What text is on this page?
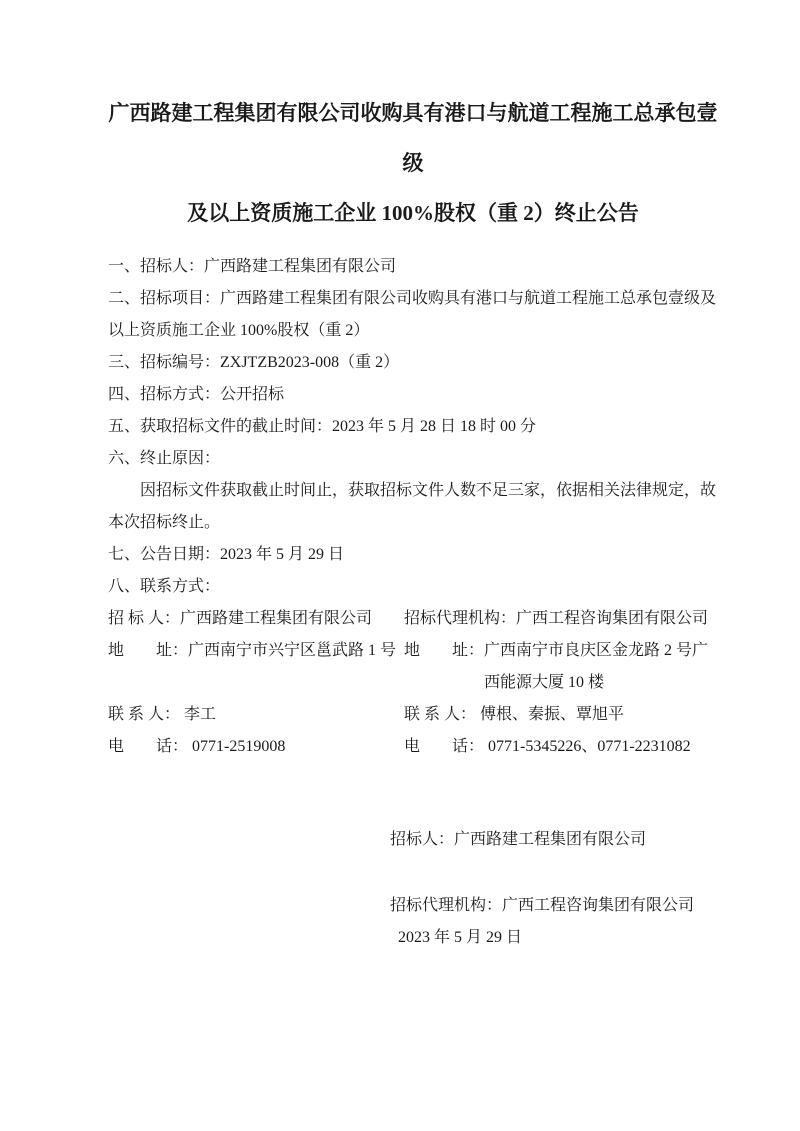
广西路建工程集团有限公司收购具有港口与航道工程施工总承包壹级
及以上资质施工企业 100%股权（重 2）终止公告

一、招标人：广西路建工程集团有限公司

二、招标项目：广西路建工程集团有限公司收购具有港口与航道工程施工总承包壹级及以上资质施工企业 100%股权（重 2）

三、招标编号：ZXJTZB2023-008（重 2）

四、招标方式：公开招标

五、获取招标文件的截止时间：2023 年 5 月 28 日 18 时 00 分

六、终止原因：

因招标文件获取截止时间止，获取招标文件人数不足三家，依据相关法律规定，故本次招标终止。

七、公告日期：2023 年 5 月 29 日

八、联系方式：

招 标 人： 广西路建工程集团有限公司	招标代理机构： 广西工程咨询集团有限公司
地　　址： 广西南宁市兴宁区邕武路 1 号 地　　址： 广西南宁市良庆区金龙路 2 号广西能源大厦 10 楼
联 系 人： 李工	联 系 人： 傅根、秦振、覃旭平
电　　话： 0771-2519008	电　　话： 0771-5345226、0771-2231082

招标人：广西路建工程集团有限公司

招标代理机构：广西工程咨询集团有限公司

2023 年 5 月 29 日
